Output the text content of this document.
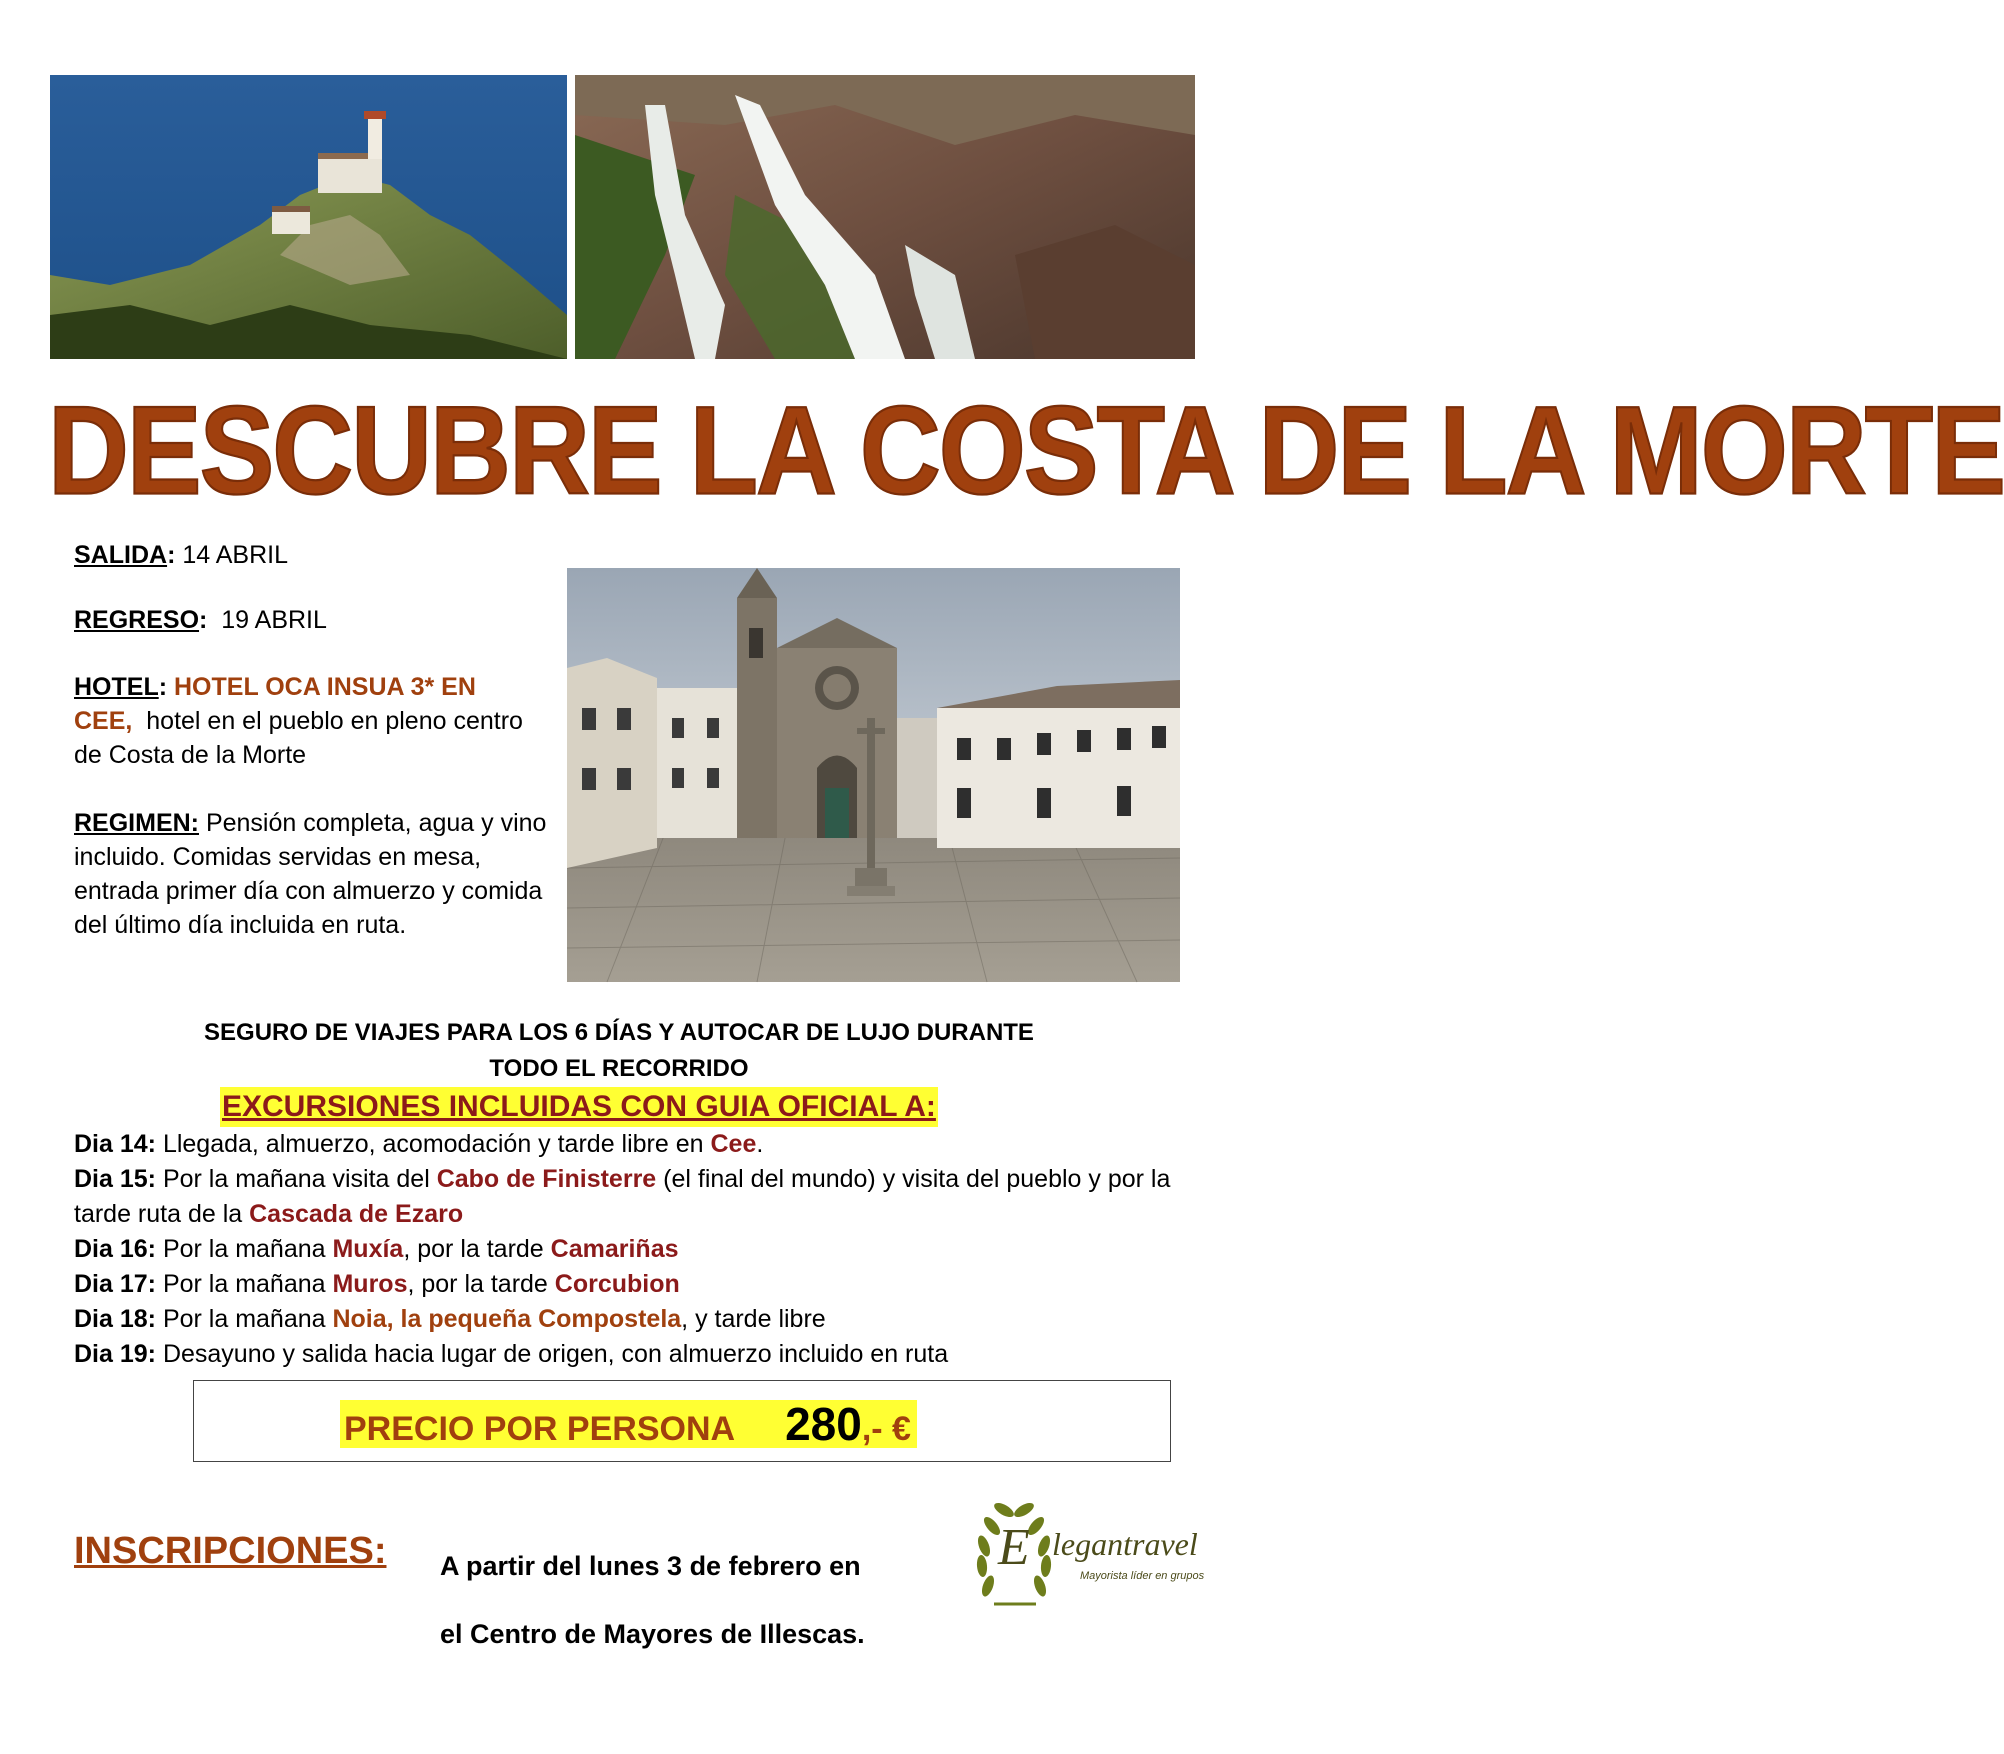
DESCUBRE LA COSTA DE LA MORTE
SALIDA: 14 ABRIL
REGRESO: 19 ABRIL
HOTEL: HOTEL OCA INSUA 3* EN CEE, hotel en el pueblo en pleno centro de Costa de la Morte
REGIMEN: Pensión completa, agua y vino incluido. Comidas servidas en mesa, entrada primer día con almuerzo y comida del último día incluida en ruta.
SEGURO DE VIAJES PARA LOS 6 DÍAS Y AUTOCAR DE LUJO DURANTE
TODO EL RECORRIDO
EXCURSIONES INCLUIDAS CON GUIA OFICIAL A:
Dia 14: Llegada, almuerzo, acomodación y tarde libre en Cee.
Dia 15: Por la mañana visita del Cabo de Finisterre (el final del mundo) y visita del pueblo y por la tarde ruta de la Cascada de Ezaro
Dia 16: Por la mañana Muxía, por la tarde Camariñas
Dia 17: Por la mañana Muros, por la tarde Corcubion
Dia 18: Por la mañana Noia, la pequeña Compostela, y tarde libre
Dia 19: Desayuno y salida hacia lugar de origen, con almuerzo incluido en ruta
PRECIO POR PERSONA 280,- €
INSCRIPCIONES: A partir del lunes 3 de febrero en
el Centro de Mayores de Illescas.
E legantravel
Mayorista líder en grupos
